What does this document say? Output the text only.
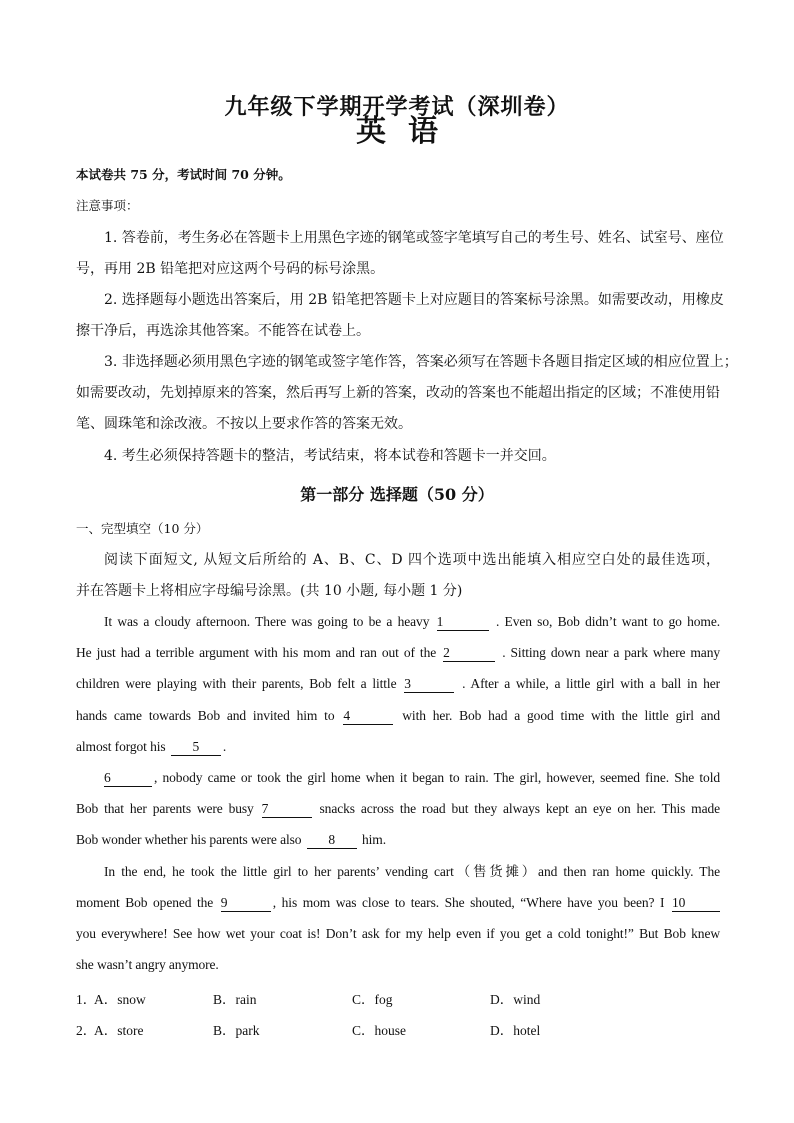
九年级下学期开学考试（深圳卷）
英语
本试卷共 75 分，考试时间 70 分钟。
注意事项：
1. 答卷前，考生务必在答题卡上用黑色字迹的钢笔或签字笔填写自己的考生号、姓名、试室号、座位
号，再用 2B 铅笔把对应这两个号码的标号涂黑。
2. 选择题每小题选出答案后，用 2B 铅笔把答题卡上对应题目的答案标号涂黑。如需要改动，用橡皮
擦干净后，再选涂其他答案。不能答在试卷上。
3. 非选择题必须用黑色字迹的钢笔或签字笔作答，答案必须写在答题卡各题目指定区域的相应位置上；
如需要改动，先划掉原来的答案，然后再写上新的答案，改动的答案也不能超出指定的区域；不准使用铅
笔、圆珠笔和涂改液。不按以上要求作答的答案无效。
4. 考生必须保持答题卡的整洁，考试结束，将本试卷和答题卡一并交回。
第一部分 选择题（50 分）
一、完型填空（10 分）
阅读下面短文, 从短文后所给的 A、B、C、D 四个选项中选出能填入相应空白处的最佳选项，
并在答题卡上将相应字母编号涂黑。(共 10 小题, 每小题 1 分)
It was a cloudy afternoon. There was going to be a heavy 1	. Even so, Bob didn’t want to go home.
He just had a terrible argument with his mom and ran out of the 2	. Sitting down near a park where many
children were playing with their parents, Bob felt a little 3	. After a while, a little girl with a ball in her
hands came towards Bob and invited him to 4	with her. Bob had a good time with the little girl and
almost forgot his 5 .
6	, nobody came or took the girl home when it began to rain. The girl, however, seemed fine. She told
Bob that her parents were busy 7	snacks across the road but they always kept an eye on her. This made
Bob wonder whether his parents were also 8 him.
In the end, he took the little girl to her parents’ vending cart（售货摊）and then ran home quickly. The
moment Bob opened the 9	, his mom was close to tears. She shouted, “Where have you been? I 10
you everywhere! See how wet your coat is! Don’t ask for my help even if you get a cold tonight!” But Bob knew
she wasn’t angry anymore.
1．
A．snow	B．rain	C．fog	D．wind
2．
A．store	B．park	C．house	D．hotel
